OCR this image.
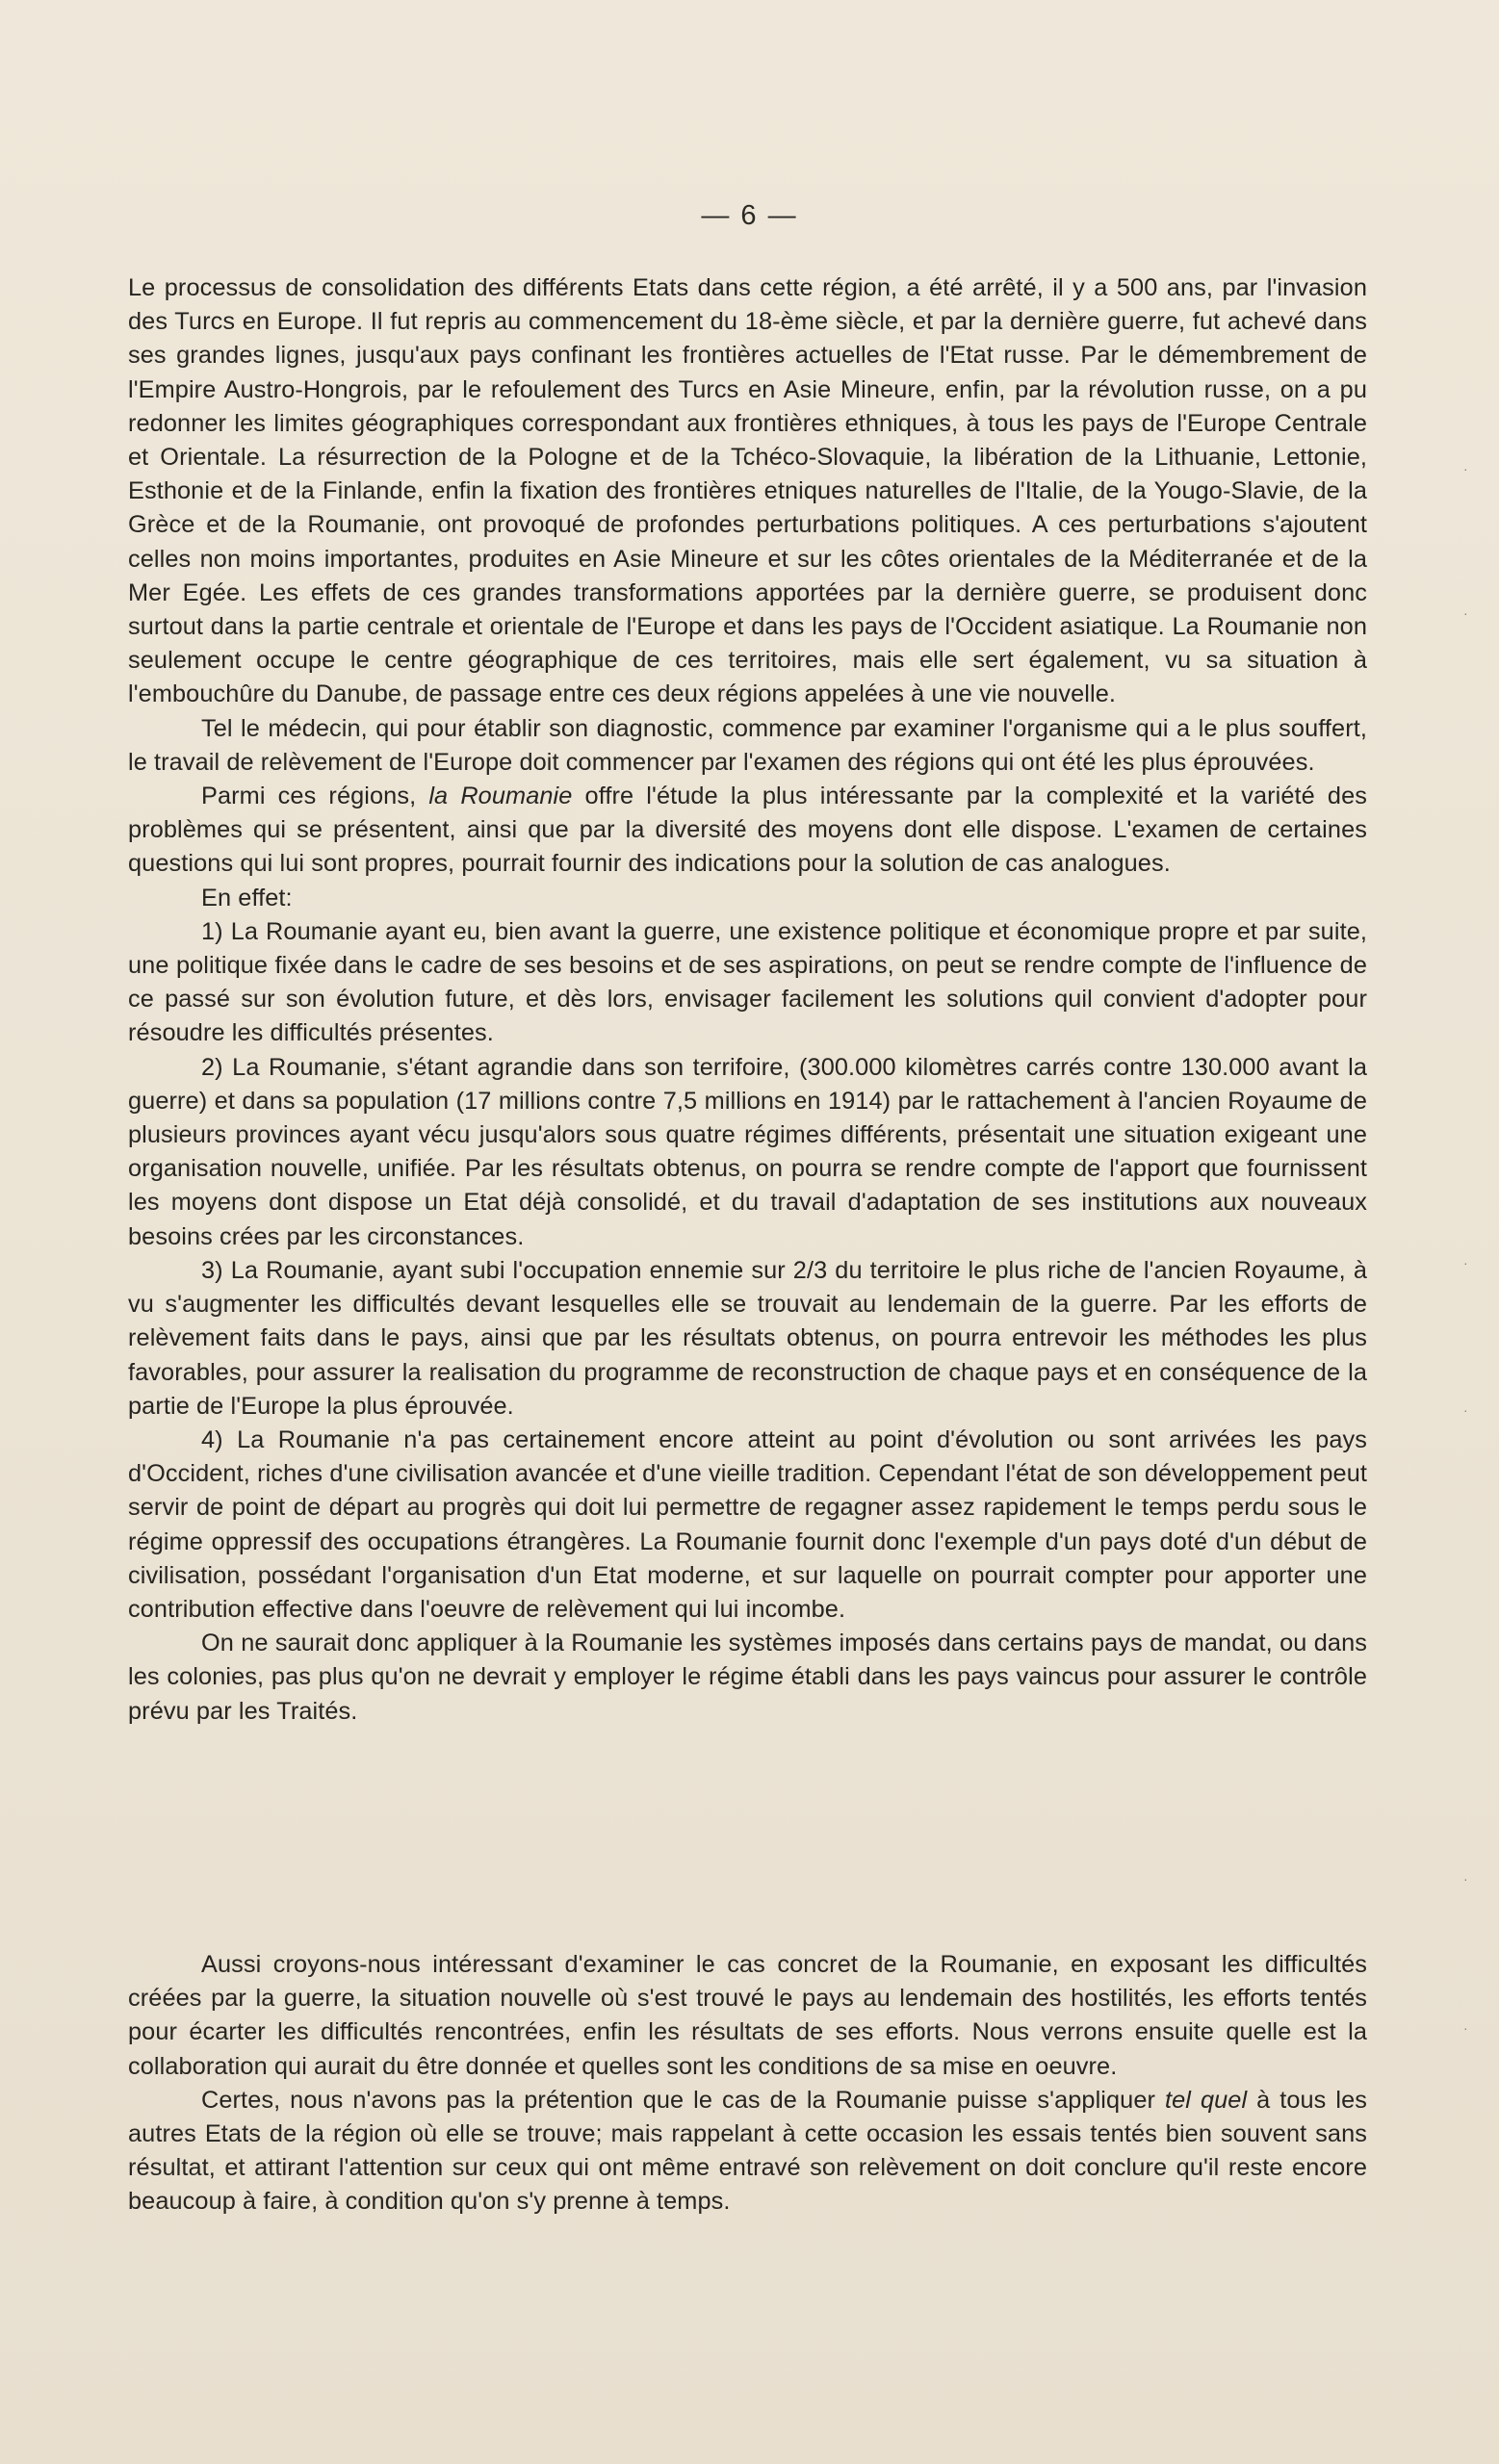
— 6 —

Le processus de consolidation des différents Etats dans cette région, a été arrêté, il y a 500 ans, par l'invasion des Turcs en Europe. Il fut repris au commencement du 18-ème siècle, et par la dernière guerre, fut achevé dans ses grandes lignes, jusqu'aux pays confinant les frontières actuelles de l'Etat russe. Par le démembrement de l'Empire Austro-Hongrois, par le refoulement des Turcs en Asie Mineure, enfin, par la révolution russe, on a pu redonner les limites géographiques correspondant aux frontières ethniques, à tous les pays de l'Europe Centrale et Orientale. La résurrection de la Pologne et de la Tchéco-Slovaquie, la libération de la Lithuanie, Lettonie, Esthonie et de la Finlande, enfin la fixation des frontières etniques naturelles de l'Italie, de la Yougo-Slavie, de la Grèce et de la Roumanie, ont provoqué de profondes perturbations politiques. A ces perturbations s'ajoutent celles non moins importantes, produites en Asie Mineure et sur les côtes orientales de la Méditerranée et de la Mer Egée. Les effets de ces grandes transformations apportées par la dernière guerre, se produisent donc surtout dans la partie centrale et orientale de l'Europe et dans les pays de l'Occident asiatique. La Roumanie non seulement occupe le centre géographique de ces territoires, mais elle sert également, vu sa situation à l'embouchûre du Danube, de passage entre ces deux régions appelées à une vie nouvelle.

Tel le médecin, qui pour établir son diagnostic, commence par examiner l'organisme qui a le plus souffert, le travail de relèvement de l'Europe doit commencer par l'examen des régions qui ont été les plus éprouvées.

Parmi ces régions, la Roumanie offre l'étude la plus intéressante par la complexité et la variété des problèmes qui se présentent, ainsi que par la diversité des moyens dont elle dispose. L'examen de certaines questions qui lui sont propres, pourrait fournir des indications pour la solution de cas analogues.

En effet:

1) La Roumanie ayant eu, bien avant la guerre, une existence politique et économique propre et par suite, une politique fixée dans le cadre de ses besoins et de ses aspirations, on peut se rendre compte de l'influence de ce passé sur son évolution future, et dès lors, envisager facilement les solutions quil convient d'adopter pour résoudre les difficultés présentes.

2) La Roumanie, s'étant agrandie dans son terrifoire, (300.000 kilomètres carrés contre 130.000 avant la guerre) et dans sa population (17 millions contre 7,5 millions en 1914) par le rattachement à l'ancien Royaume de plusieurs provinces ayant vécu jusqu'alors sous quatre régimes différents, présentait une situation exigeant une organisation nouvelle, unifiée. Par les résultats obtenus, on pourra se rendre compte de l'apport que fournissent les moyens dont dispose un Etat déjà consolidé, et du travail d'adaptation de ses institutions aux nouveaux besoins crées par les circonstances.

3) La Roumanie, ayant subi l'occupation ennemie sur 2/3 du territoire le plus riche de l'ancien Royaume, à vu s'augmenter les difficultés devant lesquelles elle se trouvait au lendemain de la guerre. Par les efforts de relèvement faits dans le pays, ainsi que par les résultats obtenus, on pourra entrevoir les méthodes les plus favorables, pour assurer la realisation du programme de reconstruction de chaque pays et en conséquence de la partie de l'Europe la plus éprouvée.

4) La Roumanie n'a pas certainement encore atteint au point d'évolution ou sont arrivées les pays d'Occident, riches d'une civilisation avancée et d'une vieille tradition. Cependant l'état de son développement peut servir de point de départ au progrès qui doit lui permettre de regagner assez rapidement le temps perdu sous le régime oppressif des occupations étrangères. La Roumanie fournit donc l'exemple d'un pays doté d'un début de civilisation, possédant l'organisation d'un Etat moderne, et sur laquelle on pourrait compter pour apporter une contribution effective dans l'oeuvre de relèvement qui lui incombe.

On ne saurait donc appliquer à la Roumanie les systèmes imposés dans certains pays de mandat, ou dans les colonies, pas plus qu'on ne devrait y employer le régime établi dans les pays vaincus pour assurer le contrôle prévu par les Traités.

Aussi croyons-nous intéressant d'examiner le cas concret de la Roumanie, en exposant les difficultés créées par la guerre, la situation nouvelle où s'est trouvé le pays au lendemain des hostilités, les efforts tentés pour écarter les difficultés rencontrées, enfin les résultats de ses efforts. Nous verrons ensuite quelle est la collaboration qui aurait du être donnée et quelles sont les conditions de sa mise en oeuvre.

Certes, nous n'avons pas la prétention que le cas de la Roumanie puisse s'appliquer tel quel à tous les autres Etats de la région où elle se trouve; mais rappelant à cette occasion les essais tentés bien souvent sans résultat, et attirant l'attention sur ceux qui ont même entravé son relèvement on doit conclure qu'il reste encore beaucoup à faire, à condition qu'on s'y prenne à temps.

·
·
·
·
·
·
